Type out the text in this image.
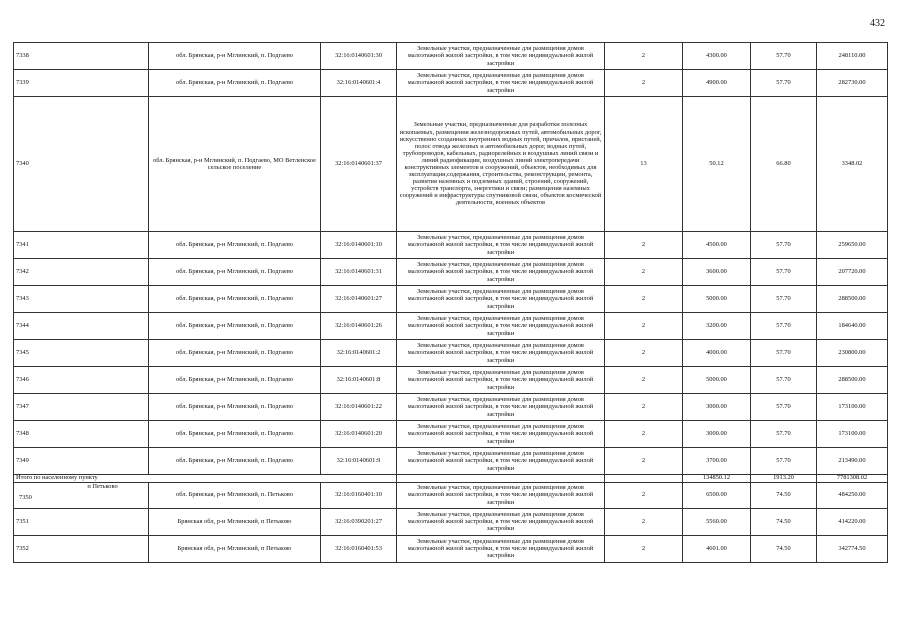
432
7338	обл. Брянская, р-н Мглинский, п. Подгаево	32:16:0140601:30	Земельные участки, предназначенные для размещения домов малоэтажной жилой застройки, в том числе индивидуальной жилой застройки	2	4300.00	57.70	248110.00
7339	обл. Брянская, р-н Мглинский, п. Подгаево	32:16:0140601:4	Земельные участки, предназначенные для размещения домов малоэтажной жилой застройки, в том числе индивидуальной жилой застройки	2	4900.00	57.70	282730.00
7340	обл. Брянская, р-н Мглинский, п. Подгаево, МО Ветленское сельское поселение	32:16:0140601:37	Земельные участки, предназначенные для разработки полезных ископаемых, размещения железнодорожных путей, автомобильных дорог, искусственно созданных внутренних водных путей, причалов, пристаней, полос отвода железных и автомобильных дорог, водных путей, трубопроводов, кабельных, радиорелейных и воздушных линий связи и линий радиофикации, воздушных линий электропередачи конструктивных элементов и сооружений, объектов, необходимых для эксплуатации,содержания, строительства, реконструкции, ремонта, развития наземных и подземных зданий, строений, сооружений, устройств транспорта, энергетики и связи; размещения наземных сооружений и инфраструктуры спутниковой связи, объектов космической деятельности, военных объектов	13	50.12	66.80	3348.02
7341	обл. Брянская, р-н Мглинский, п. Подгаево	32:16:0140601:10	Земельные участки, предназначенные для размещения домов малоэтажной жилой застройки, в том числе индивидуальной жилой застройки	2	4500.00	57.70	259650.00
7342	обл. Брянская, р-н Мглинский, п. Подгаево	32:16:0140601:31	Земельные участки, предназначенные для размещения домов малоэтажной жилой застройки, в том числе индивидуальной жилой застройки	2	3600.00	57.70	207720.00
7343	обл. Брянская, р-н Мглинский, п. Подгаево	32:16:0140601:27	Земельные участки, предназначенные для размещения домов малоэтажной жилой застройки, в том числе индивидуальной жилой застройки	2	5000.00	57.70	288500.00
7344	обл. Брянская, р-н Мглинский, п. Подгаево	32:16:0140601:26	Земельные участки, предназначенные для размещения домов малоэтажной жилой застройки, в том числе индивидуальной жилой застройки	2	3200.00	57.70	184640.00
7345	обл. Брянская, р-н Мглинский, п. Подгаево	32:16:0140601:2	Земельные участки, предназначенные для размещения домов малоэтажной жилой застройки, в том числе индивидуальной жилой застройки	2	4000.00	57.70	230800.00
7346	обл. Брянская, р-н Мглинский, п. Подгаево	32:16:0140601:8	Земельные участки, предназначенные для размещения домов малоэтажной жилой застройки, в том числе индивидуальной жилой застройки	2	5000.00	57.70	288500.00
7347	обл. Брянская, р-н Мглинский, п. Подгаево	32:16:0140601:22	Земельные участки, предназначенные для размещения домов малоэтажной жилой застройки, в том числе индивидуальной жилой застройки	2	3000.00	57.70	173100.00
7348	обл. Брянская, р-н Мглинский, п. Подгаево	32:16:0140601:20	Земельные участки, предназначенные для размещения домов малоэтажной жилой застройки, в том числе индивидуальной жилой застройки	2	3000.00	57.70	173100.00
7349	обл. Брянская, р-н Мглинский, п. Подгаево	32:16:0140601:9	Земельные участки, предназначенные для размещения домов малоэтажной жилой застройки, в том числе индивидуальной жилой застройки	2	3700.00	57.70	213490.00
Итого по населенному пункту					134850.12	1913.20	7781308.02

п Петьково
7350	обл. Брянская, р-н Мглинский, п. Петьково	32:16:0160401:10	Земельные участки, предназначенные для размещения домов малоэтажной жилой застройки, в том числе индивидуальной жилой застройки	2	6500.00	74.50	484250.00
7351	Брянская обл, р-н Мглинский, п Петьково	32:16:0390201:27	Земельные участки, предназначенные для размещения домов малоэтажной жилой застройки, в том числе индивидуальной жилой застройки	2	5560.00	74.50	414220.00
7352	Брянская обл, р-н Мглинский, п Петьково	32:16:0160401:53	Земельные участки, предназначенные для размещения домов малоэтажной жилой застройки, в том числе индивидуальной жилой застройки	2	4601.00	74.50	342774.50
